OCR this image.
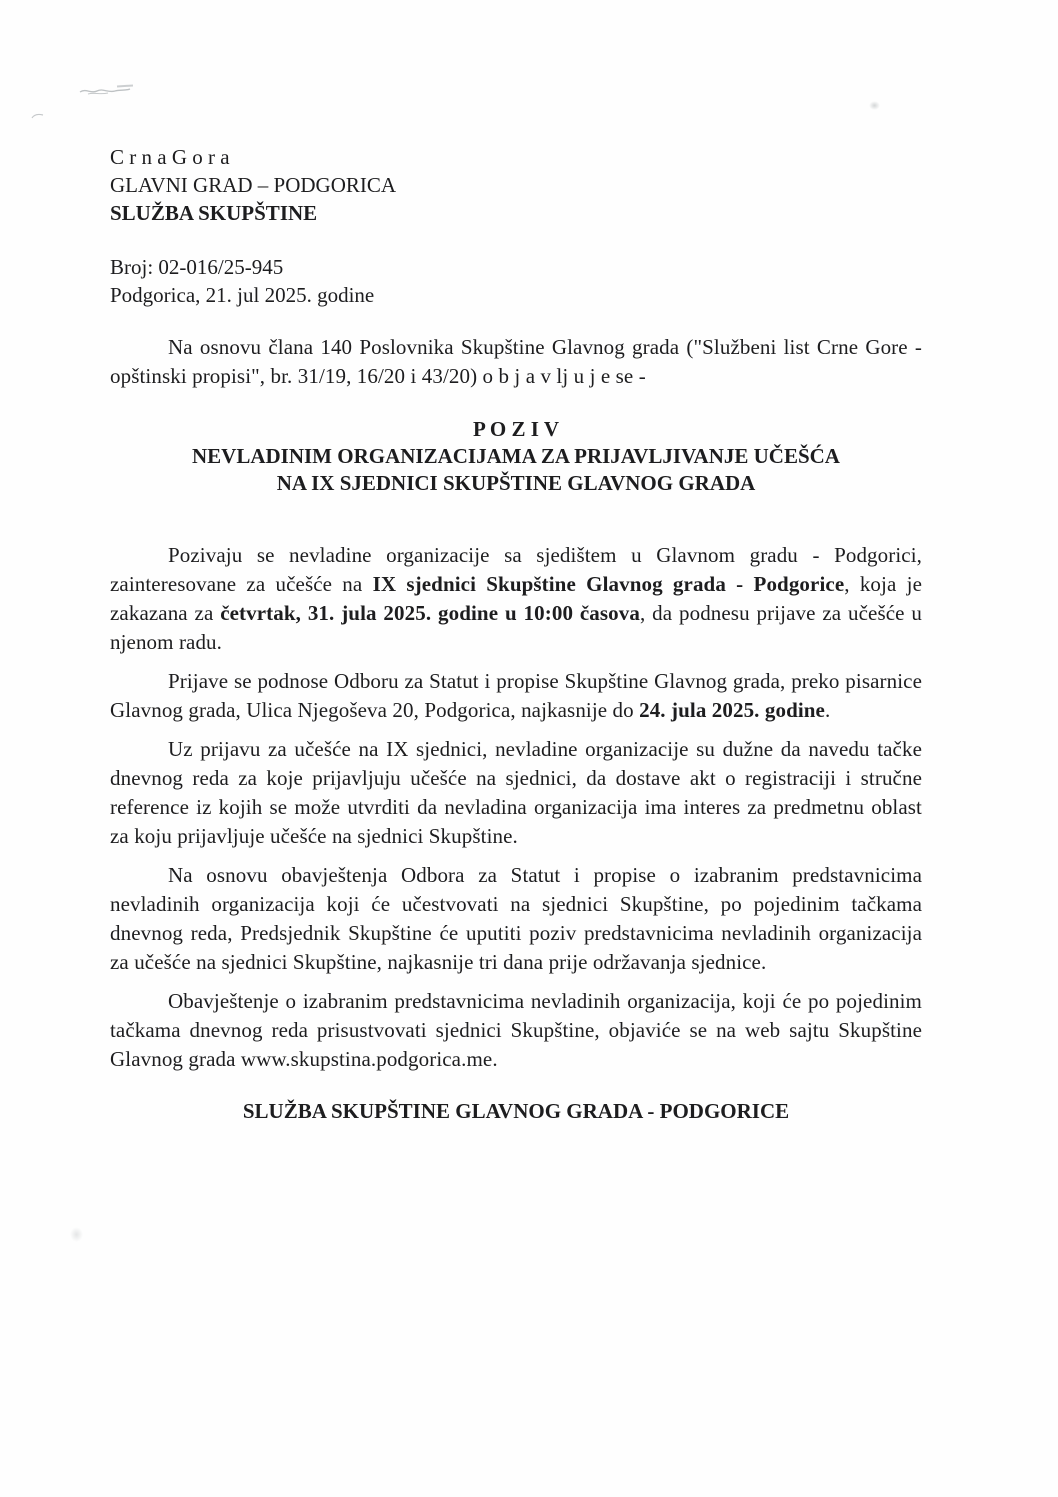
C r n a G o r a
GLAVNI GRAD – PODGORICA
SLUŽBA SKUPŠTINE
Broj: 02-016/25-945
Podgorica, 21. jul 2025. godine

Na osnovu člana 140 Poslovnika Skupštine Glavnog grada ("Službeni list Crne Gore - opštinski propisi", br. 31/19, 16/20 i 43/20) o b j a v lj u j e se -

P O Z I V
NEVLADINIM ORGANIZACIJAMA ZA PRIJAVLJIVANJE UČEŠĆA
NA IX SJEDNICI SKUPŠTINE GLAVNOG GRADA

Pozivaju se nevladine organizacije sa sjedištem u Glavnom gradu - Podgorici, zainteresovane za učešće na IX sjednici Skupštine Glavnog grada - Podgorice, koja je zakazana za četvrtak, 31. jula 2025. godine u 10:00 časova, da podnesu prijave za učešće u njenom radu.

Prijave se podnose Odboru za Statut i propise Skupštine Glavnog grada, preko pisarnice Glavnog grada, Ulica Njegoševa 20, Podgorica, najkasnije do 24. jula 2025. godine.

Uz prijavu za učešće na IX sjednici, nevladine organizacije su dužne da navedu tačke dnevnog reda za koje prijavljuju učešće na sjednici, da dostave akt o registraciji i stručne reference iz kojih se može utvrditi da nevladina organizacija ima interes za predmetnu oblast za koju prijavljuje učešće na sjednici Skupštine.

Na osnovu obavještenja Odbora za Statut i propise o izabranim predstavnicima nevladinih organizacija koji će učestvovati na sjednici Skupštine, po pojedinim tačkama dnevnog reda, Predsjednik Skupštine će uputiti poziv predstavnicima nevladinih organizacija za učešće na sjednici Skupštine, najkasnije tri dana prije održavanja sjednice.

Obavještenje o izabranim predstavnicima nevladinih organizacija, koji će po pojedinim tačkama dnevnog reda prisustvovati sjednici Skupštine, objaviće se na web sajtu Skupštine Glavnog grada www.skupstina.podgorica.me.

SLUŽBA SKUPŠTINE GLAVNOG GRADA - PODGORICE
